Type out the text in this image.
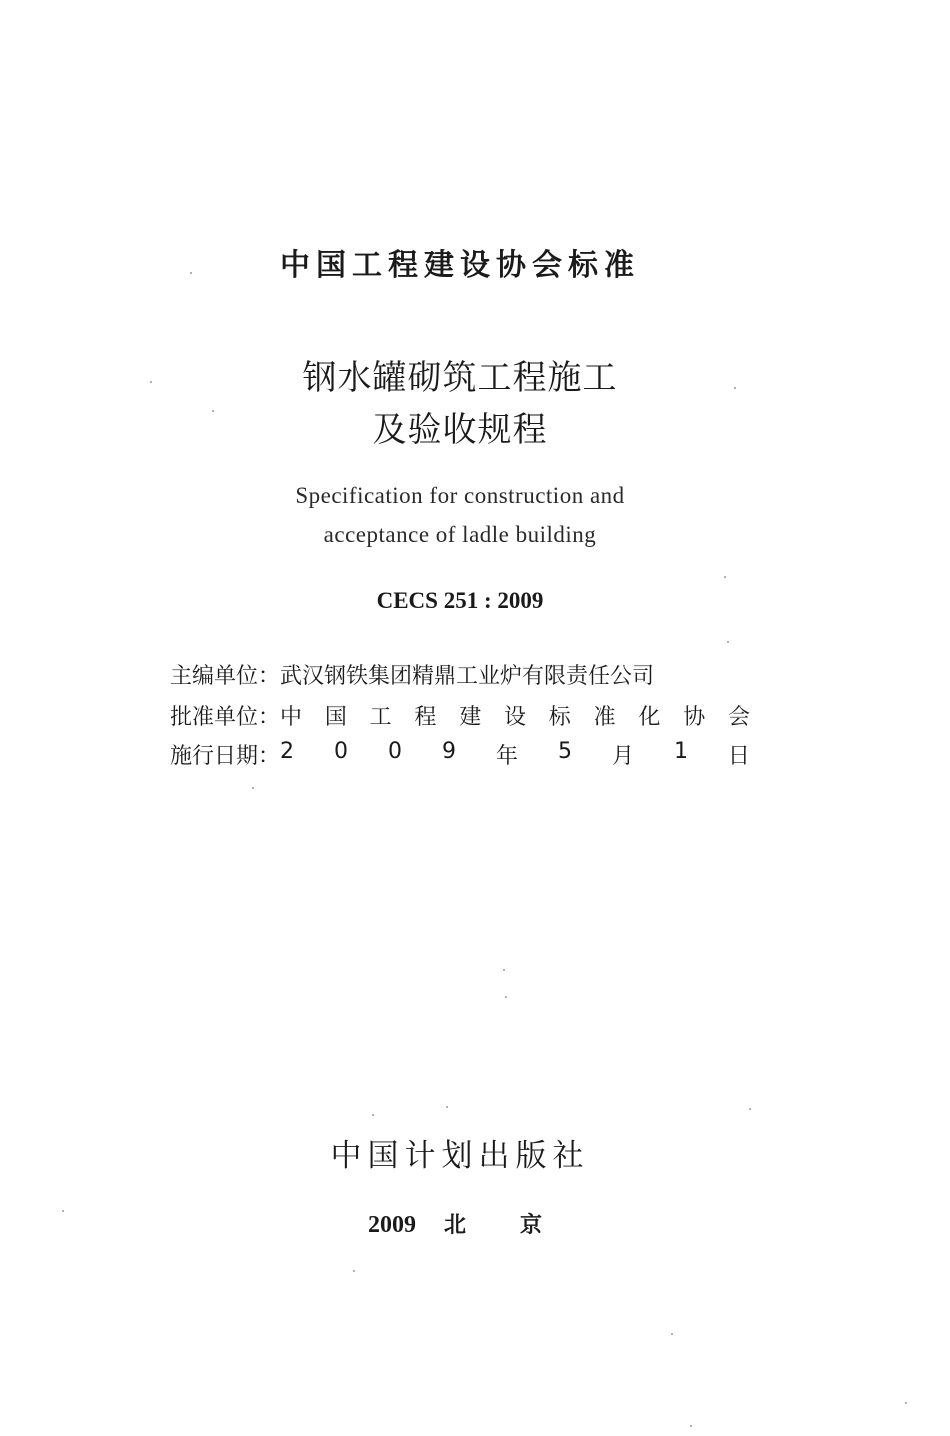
中国工程建设协会标准
钢水罐砌筑工程施工
及验收规程
Specification for construction and
acceptance of ladle building
CECS 251 : 2009
主编单位： 武汉钢铁集团精鼎工业炉有限责任公司
批准单位： 中 国 工 程 建 设 标 准 化 协 会
施行日期： 2 0 0 9 年 5 月 1 日
中国计划出版社
2009 北京
